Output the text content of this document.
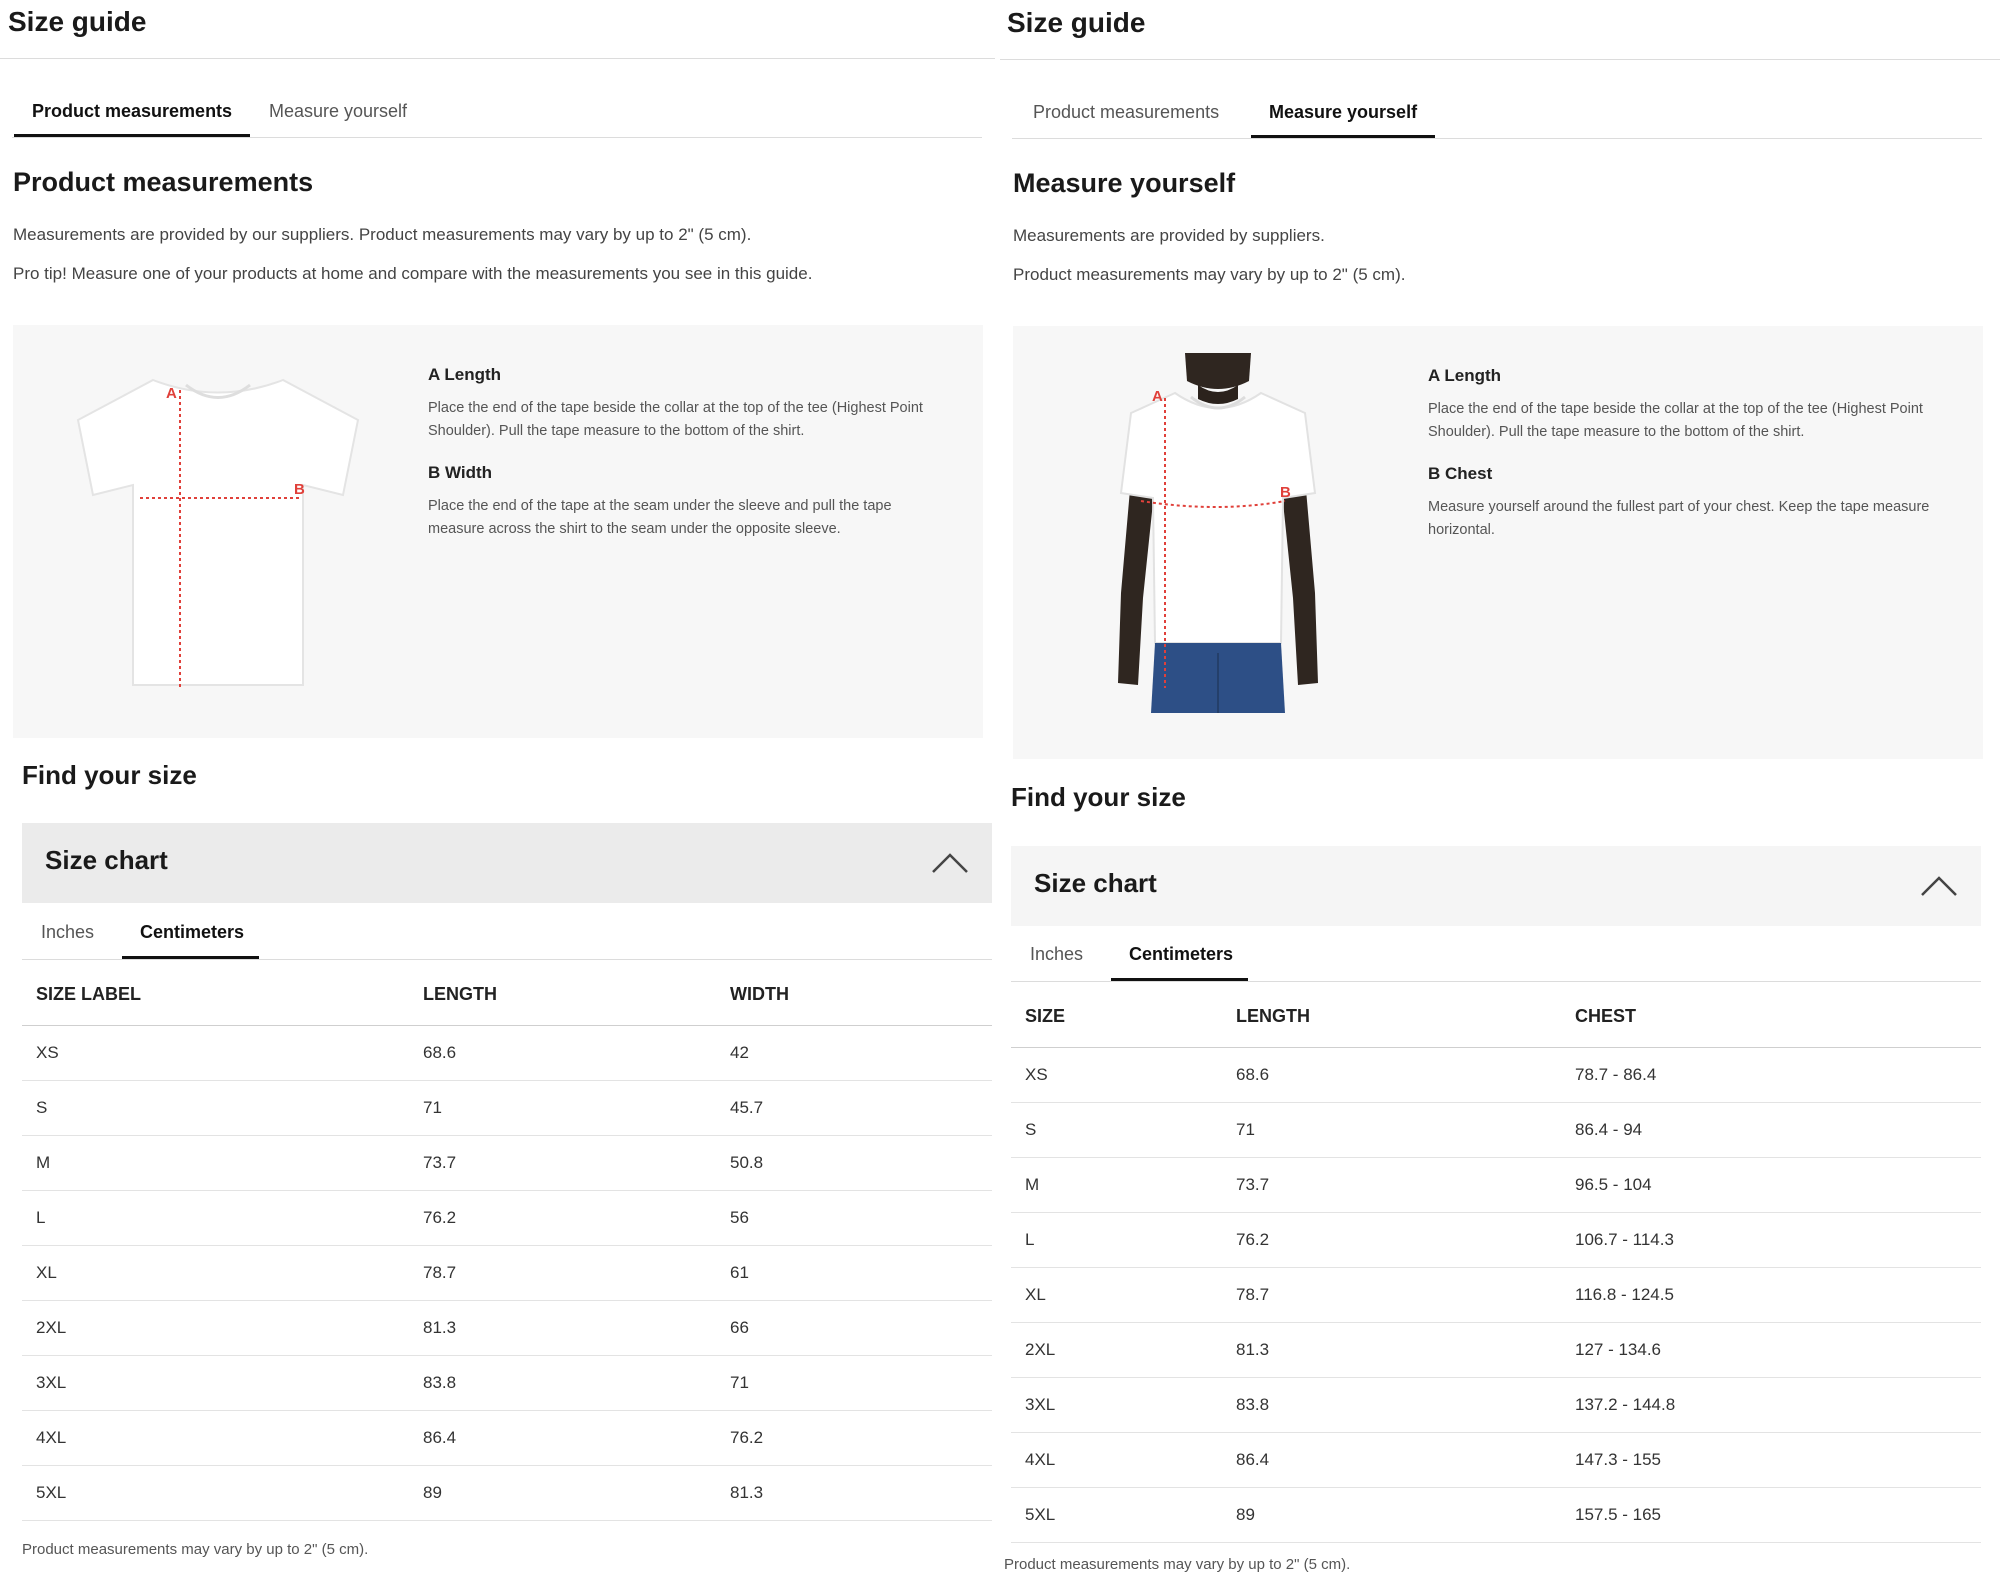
Size guide
Product measurements	Measure yourself
Product measurements
Measurements are provided by our suppliers. Product measurements may vary by up to 2" (5 cm).
Pro tip! Measure one of your products at home and compare with the measurements you see in this guide.
A
B
A Length
Place the end of the tape beside the collar at the top of the tee (Highest Point Shoulder). Pull the tape measure to the bottom of the shirt.
B Width
Place the end of the tape at the seam under the sleeve and pull the tape measure across the shirt to the seam under the opposite sleeve.
Find your size
Size chart
Inches	Centimeters
SIZE LABEL	LENGTH	WIDTH
XS	68.6	42
S	71	45.7
M	73.7	50.8
L	76.2	56
XL	78.7	61
2XL	81.3	66
3XL	83.8	71
4XL	86.4	76.2
5XL	89	81.3
Product measurements may vary by up to 2" (5 cm).
Size guide
Product measurements	Measure yourself
Measure yourself
Measurements are provided by suppliers.
Product measurements may vary by up to 2" (5 cm).
A
B
A Length
Place the end of the tape beside the collar at the top of the tee (Highest Point Shoulder). Pull the tape measure to the bottom of the shirt.
B Chest
Measure yourself around the fullest part of your chest. Keep the tape measure horizontal.
Find your size
Size chart
Inches	Centimeters
SIZE	LENGTH	CHEST
XS	68.6	78.7 - 86.4
S	71	86.4 - 94
M	73.7	96.5 - 104
L	76.2	106.7 - 114.3
XL	78.7	116.8 - 124.5
2XL	81.3	127 - 134.6
3XL	83.8	137.2 - 144.8
4XL	86.4	147.3 - 155
5XL	89	157.5 - 165
Product measurements may vary by up to 2" (5 cm).
